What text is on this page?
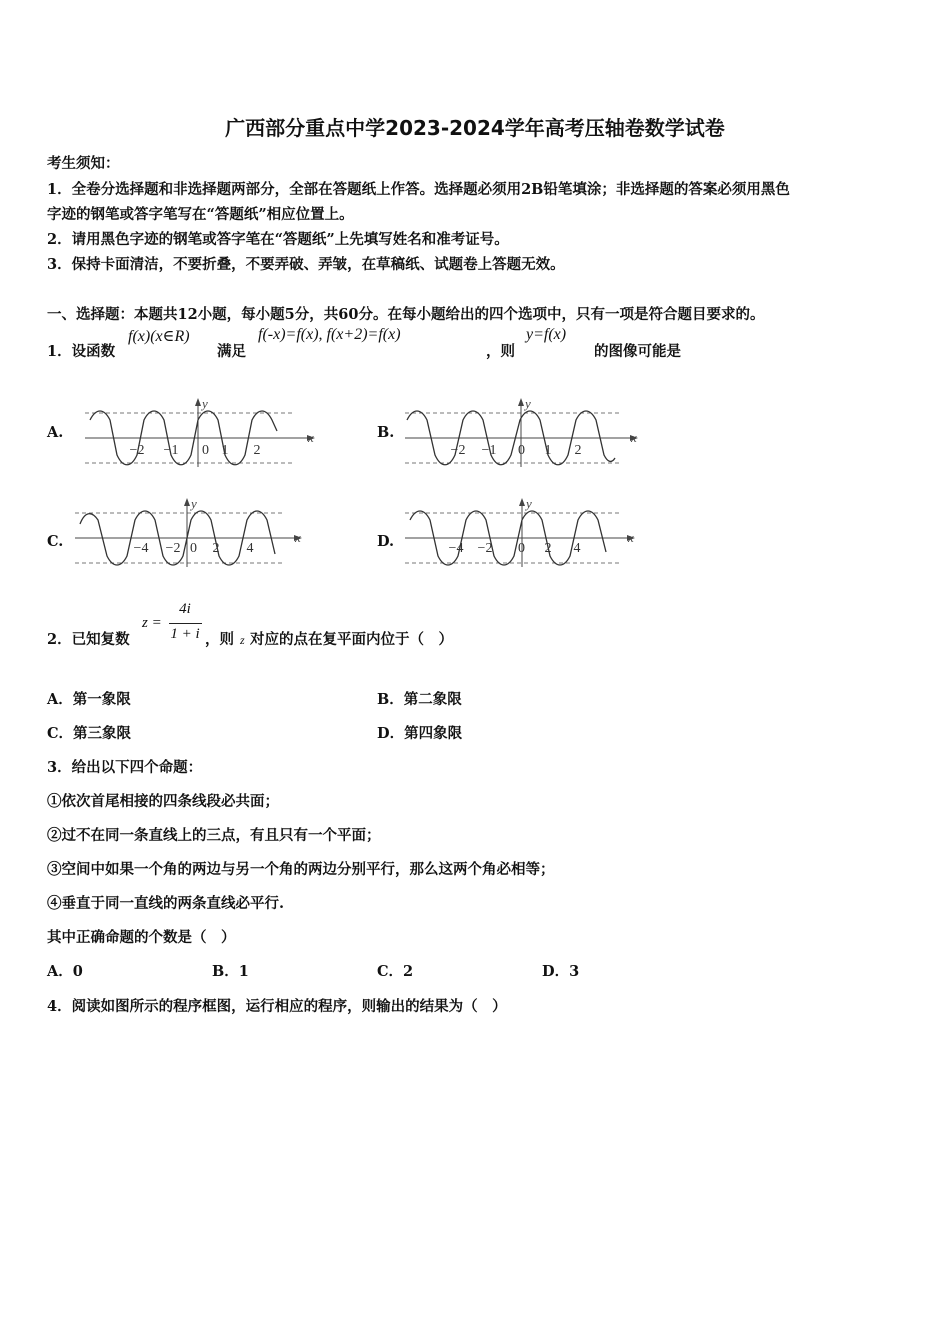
广西部分重点中学2023-2024学年高考压轴卷数学试卷
考生须知：
1．全卷分选择题和非选择题两部分，全部在答题纸上作答。选择题必须用2B铅笔填涂；非选择题的答案必须用黑色
字迹的钢笔或答字笔写在“答题纸”相应位置上。
2．请用黑色字迹的钢笔或答字笔在“答题纸”上先填写姓名和准考证号。
3．保持卡面清洁，不要折叠，不要弄破、弄皱，在草稿纸、试题卷上答题无效。
一、选择题：本题共12小题，每小题5分，共60分。在每小题给出的四个选项中，只有一项是符合题目要求的。
1．设函数
f(x)(x∈R)
满足
f(-x)=f(x), f(x+2)=f(x)
，则
y=f(x)
的图像可能是
A.	B.
C.	D.
x
y
−2 −1 0 1 2
x
y
−2 −1 0 1 2
x
y
−4 −2 0 2 4
x
y
−4 −2 0 2 4
2．已知复数
z =
4i
1 + i ，则 z 对应的点在复平面内位于（　）
A．第一象限	B．第二象限
C．第三象限	D．第四象限
3．给出以下四个命题：
①依次首尾相接的四条线段必共面；
②过不在同一条直线上的三点，有且只有一个平面；
③空间中如果一个角的两边与另一个角的两边分别平行，那么这两个角必相等；
④垂直于同一直线的两条直线必平行.
其中正确命题的个数是（　）
A．0	B．1	C．2	D．3
4．阅读如图所示的程序框图，运行相应的程序，则输出的结果为（　）
